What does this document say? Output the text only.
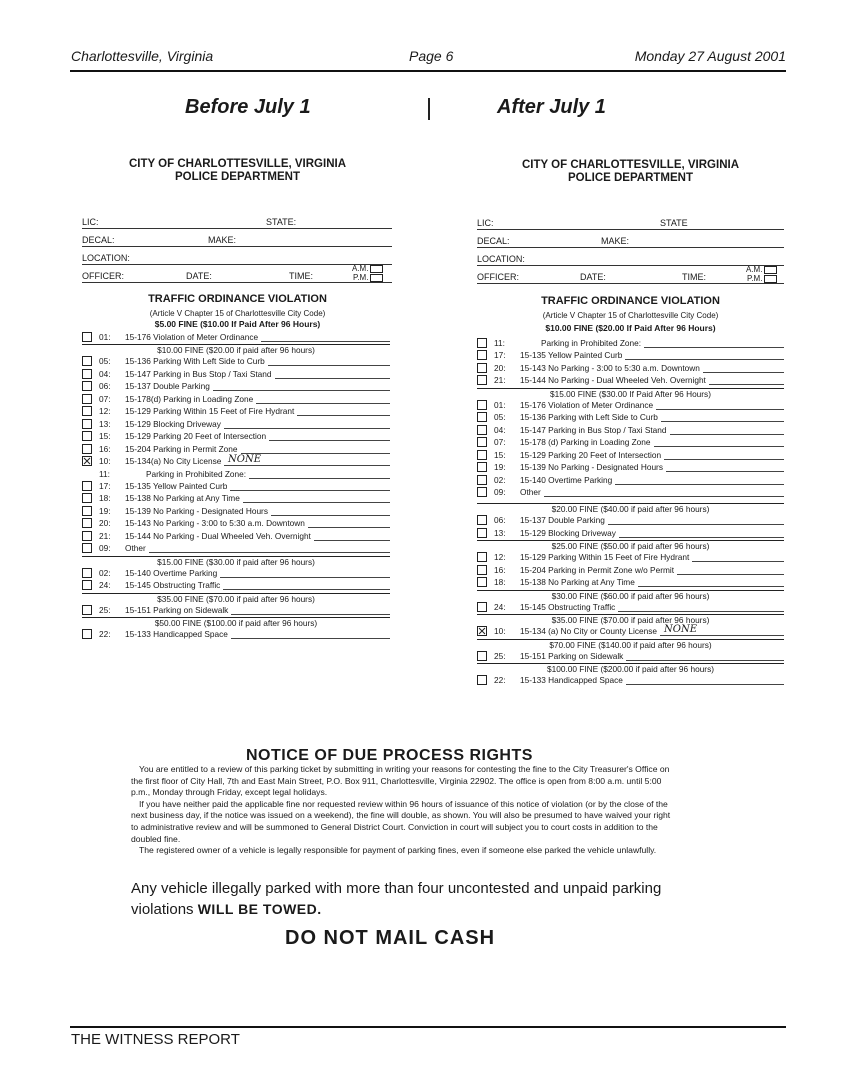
Charlottesville, Virginia	Page 6	Monday 27 August 2001
Before July 1	After July 1
CITY OF CHARLOTTESVILLE, VIRGINIA
POLICE DEPARTMENT
LIC:	STATE:
DECAL:	MAKE:
LOCATION:
OFFICER:	DATE:	TIME:
A.M.
P.M.
TRAFFIC ORDINANCE VIOLATION
(Article V Chapter 15 of Charlottesville City Code)
$5.00 FINE ($10.00 If Paid After 96 Hours)
01: 15-176 Violation of Meter Ordinance
$10.00 FINE ($20.00 if paid after 96 hours)
05: 15-136 Parking With Left Side to Curb
04: 15-147 Parking in Bus Stop / Taxi Stand
06: 15-137 Double Parking
07: 15-178(d) Parking in Loading Zone
12: 15-129 Parking Within 15 Feet of Fire Hydrant
13: 15-129 Blocking Driveway
15: 15-129 Parking 20 Feet of Intersection
16: 15-204 Parking in Permit Zone
10: 15-134(a) No City License NONE
11:	Parking in Prohibited Zone:
17: 15-135 Yellow Painted Curb
18: 15-138 No Parking at Any Time
19: 15-139 No Parking - Designated Hours
20: 15-143 No Parking - 3:00 to 5:30 a.m. Downtown
21: 15-144 No Parking - Dual Wheeled Veh. Overnight
09: Other
$15.00 FINE ($30.00 if paid after 96 hours)
02: 15-140 Overtime Parking
24: 15-145 Obstructing Traffic
$35.00 FINE ($70.00 if paid after 96 hours)
25: 15-151 Parking on Sidewalk
$50.00 FINE ($100.00 if paid after 96 hours)
22: 15-133 Handicapped Space
CITY OF CHARLOTTESVILLE, VIRGINIA
POLICE DEPARTMENT
LIC:	STATE
DECAL:	MAKE:
LOCATION:
OFFICER:	DATE:	TIME:
A.M.
P.M.
TRAFFIC ORDINANCE VIOLATION
(Article V Chapter 15 of Charlottesville City Code)
$10.00 FINE ($20.00 If Paid After 96 Hours)
11:	Parking in Prohibited Zone:
17: 15-135 Yellow Painted Curb
20: 15-143 No Parking - 3:00 to 5:30 a.m. Downtown
21: 15-144 No Parking - Dual Wheeled Veh. Overnight
$15.00 FINE ($30.00 If Paid After 96 Hours)
01: 15-176 Violation of Meter Ordinance
05: 15-136 Parking with Left Side to Curb
04: 15-147 Parking in Bus Stop / Taxi Stand
07: 15-178 (d) Parking in Loading Zone
15: 15-129 Parking 20 Feet of Intersection
19: 15-139 No Parking - Designated Hours
02: 15-140 Overtime Parking
09: Other
$20.00 FINE ($40.00 if paid after 96 hours)
06: 15-137 Double Parking
13: 15-129 Blocking Driveway
$25.00 FINE ($50.00 if paid after 96 hours)
12: 15-129 Parking Within 15 Feet of Fire Hydrant
16: 15-204 Parking in Permit Zone w/o Permit
18: 15-138 No Parking at Any Time
$30.00 FINE ($60.00 if paid after 96 hours)
24: 15-145 Obstructing Traffic
$35.00 FINE ($70.00 if paid after 96 hours)
10: 15-134 (a) No City or County License NONE
$70.00 FINE ($140.00 if paid after 96 hours)
25: 15-151 Parking on Sidewalk
$100.00 FINE ($200.00 if paid after 96 hours)
22: 15-133 Handicapped Space
NOTICE OF DUE PROCESS RIGHTS

You are entitled to a review of this parking ticket by submitting in writing your reasons for contesting the fine to the City Treasurer's Office on the first floor of City Hall, 7th and East Main Street, P.O. Box 911, Charlottesville, Virginia 22902. The office is open from 8:00 a.m. until 5:00 p.m., Monday through Friday, except legal holidays.

If you have neither paid the applicable fine nor requested review within 96 hours of issuance of this notice of violation (or by the close of the next business day, if the notice was issued on a weekend), the fine will double, as shown. You will also be presumed to have waived your right to administrative review and will be summoned to General District Court. Conviction in court will subject you to court costs in addition to the doubled fine.

The registered owner of a vehicle is legally responsible for payment of parking fines, even if someone else parked the vehicle unlawfully.

Any vehicle illegally parked with more than four uncontested and unpaid parking violations WILL BE TOWED.
DO NOT MAIL CASH
THE WITNESS REPORT
